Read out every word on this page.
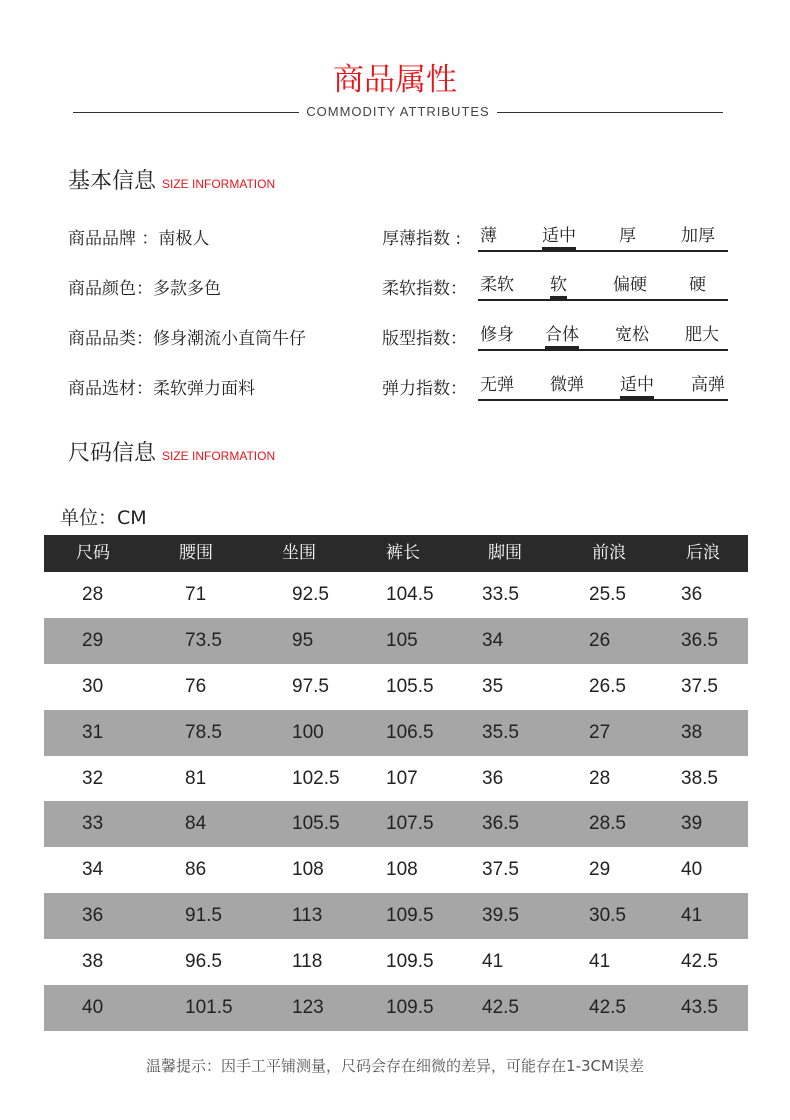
商品属性
COMMODITY ATTRIBUTES
基本信息 SIZE INFORMATION
商品品牌 ：南极人
商品颜色：多款多色
商品品类：修身潮流小直筒牛仔
商品选材：柔软弹力面料
厚薄指数 : 薄	适中	厚	加厚
柔软指数： 柔软 软	偏硬 硬
版型指数： 修身 合体 宽松 肥大
弹力指数： 无弹 微弹 适中 高弹
尺码信息 SIZE INFORMATION
单位：CM
尺码	腰围	坐围	裤长	脚围	前浪	后浪
28	71	92.5	104.5	33.5	25.5	36
29	73.5	95	105	34	26	36.5
30	76	97.5	105.5	35	26.5	37.5
31	78.5	100	106.5	35.5	27	38
32	81	102.5 107	36	28	38.5
33	84	105.5 107.5	36.5	28.5	39
34	86	108	108	37.5	29	40
36	91.5	113	109.5	39.5	30.5	41
38	96.5	118	109.5	41	41	42.5
40	101.5	123	109.5	42.5	42.5	43.5
温馨提示：因手工平铺测量，尺码会存在细微的差异，可能存在1-3CM误差
